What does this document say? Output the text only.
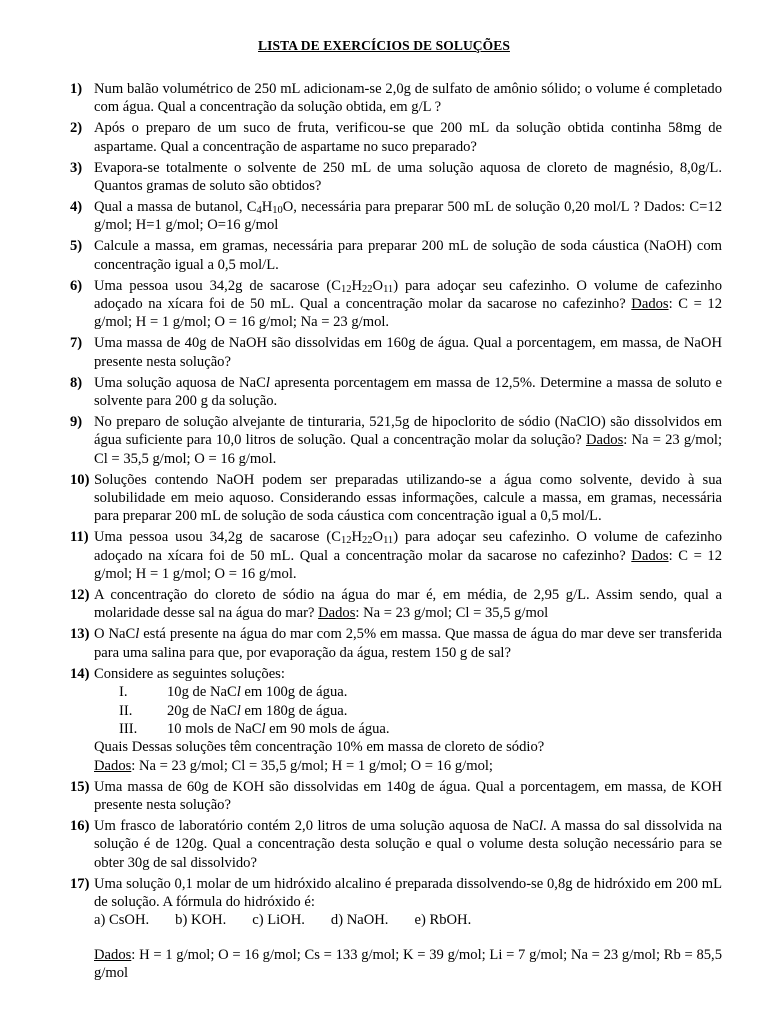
LISTA DE EXERCÍCIOS DE SOLUÇÕES
1) Num balão volumétrico de 250 mL adicionam-se 2,0g de sulfato de amônio sólido; o volume é completado com água. Qual a concentração da solução obtida, em g/L ?
2) Após o preparo de um suco de fruta, verificou-se que 200 mL da solução obtida continha 58mg de aspartame. Qual a concentração de aspartame no suco preparado?
3) Evapora-se totalmente o solvente de 250 mL de uma solução aquosa de cloreto de magnésio, 8,0g/L. Quantos gramas de soluto são obtidos?
4) Qual a massa de butanol, C4H10O, necessária para preparar 500 mL de solução 0,20 mol/L ? Dados: C=12 g/mol; H=1 g/mol; O=16 g/mol
5) Calcule a massa, em gramas, necessária para preparar 200 mL de solução de soda cáustica (NaOH) com concentração igual a 0,5 mol/L.
6) Uma pessoa usou 34,2g de sacarose (C12H22O11) para adoçar seu cafezinho. O volume de cafezinho adoçado na xícara foi de 50 mL. Qual a concentração molar da sacarose no cafezinho? Dados: C = 12 g/mol; H = 1 g/mol; O = 16 g/mol; Na = 23 g/mol.
7) Uma massa de 40g de NaOH são dissolvidas em 160g de água. Qual a porcentagem, em massa, de NaOH presente nesta solução?
8) Uma solução aquosa de NaCl apresenta porcentagem em massa de 12,5%. Determine a massa de soluto e solvente para 200 g da solução.
9) No preparo de solução alvejante de tinturaria, 521,5g de hipoclorito de sódio (NaClO) são dissolvidos em água suficiente para 10,0 litros de solução. Qual a concentração molar da solução? Dados: Na = 23 g/mol; Cl = 35,5 g/mol; O = 16 g/mol.
10) Soluções contendo NaOH podem ser preparadas utilizando-se a água como solvente, devido à sua solubilidade em meio aquoso. Considerando essas informações, calcule a massa, em gramas, necessária para preparar 200 mL de solução de soda cáustica com concentração igual a 0,5 mol/L.
11) Uma pessoa usou 34,2g de sacarose (C12H22O11) para adoçar seu cafezinho. O volume de cafezinho adoçado na xícara foi de 50 mL. Qual a concentração molar da sacarose no cafezinho? Dados: C = 12 g/mol; H = 1 g/mol; O = 16 g/mol.
12) A concentração do cloreto de sódio na água do mar é, em média, de 2,95 g/L. Assim sendo, qual a molaridade desse sal na água do mar? Dados: Na = 23 g/mol; Cl = 35,5 g/mol
13) O NaCl está presente na água do mar com 2,5% em massa. Que massa de água do mar deve ser transferida para uma salina para que, por evaporação da água, restem 150 g de sal?
14) Considere as seguintes soluções:
I.	10g de NaCl em 100g de água.
II.	20g de NaCl em 180g de água.
III.	10 mols de NaCl em 90 mols de água.
Quais Dessas soluções têm concentração 10% em massa de cloreto de sódio?
Dados: Na = 23 g/mol; Cl = 35,5 g/mol; H = 1 g/mol; O = 16 g/mol;
15) Uma massa de 60g de KOH são dissolvidas em 140g de água. Qual a porcentagem, em massa, de KOH presente nesta solução?
16) Um frasco de laboratório contém 2,0 litros de uma solução aquosa de NaCl. A massa do sal dissolvida na solução é de 120g. Qual a concentração desta solução e qual o volume desta solução necessário para se obter 30g de sal dissolvido?
17) Uma solução 0,1 molar de um hidróxido alcalino é preparada dissolvendo-se 0,8g de hidróxido em 200 mL de solução. A fórmula do hidróxido é:
a) CsOH. b) KOH. c) LiOH. d) NaOH. e) RbOH.
Dados: H = 1 g/mol; O = 16 g/mol; Cs = 133 g/mol; K = 39 g/mol; Li = 7 g/mol; Na = 23 g/mol; Rb = 85,5 g/mol
